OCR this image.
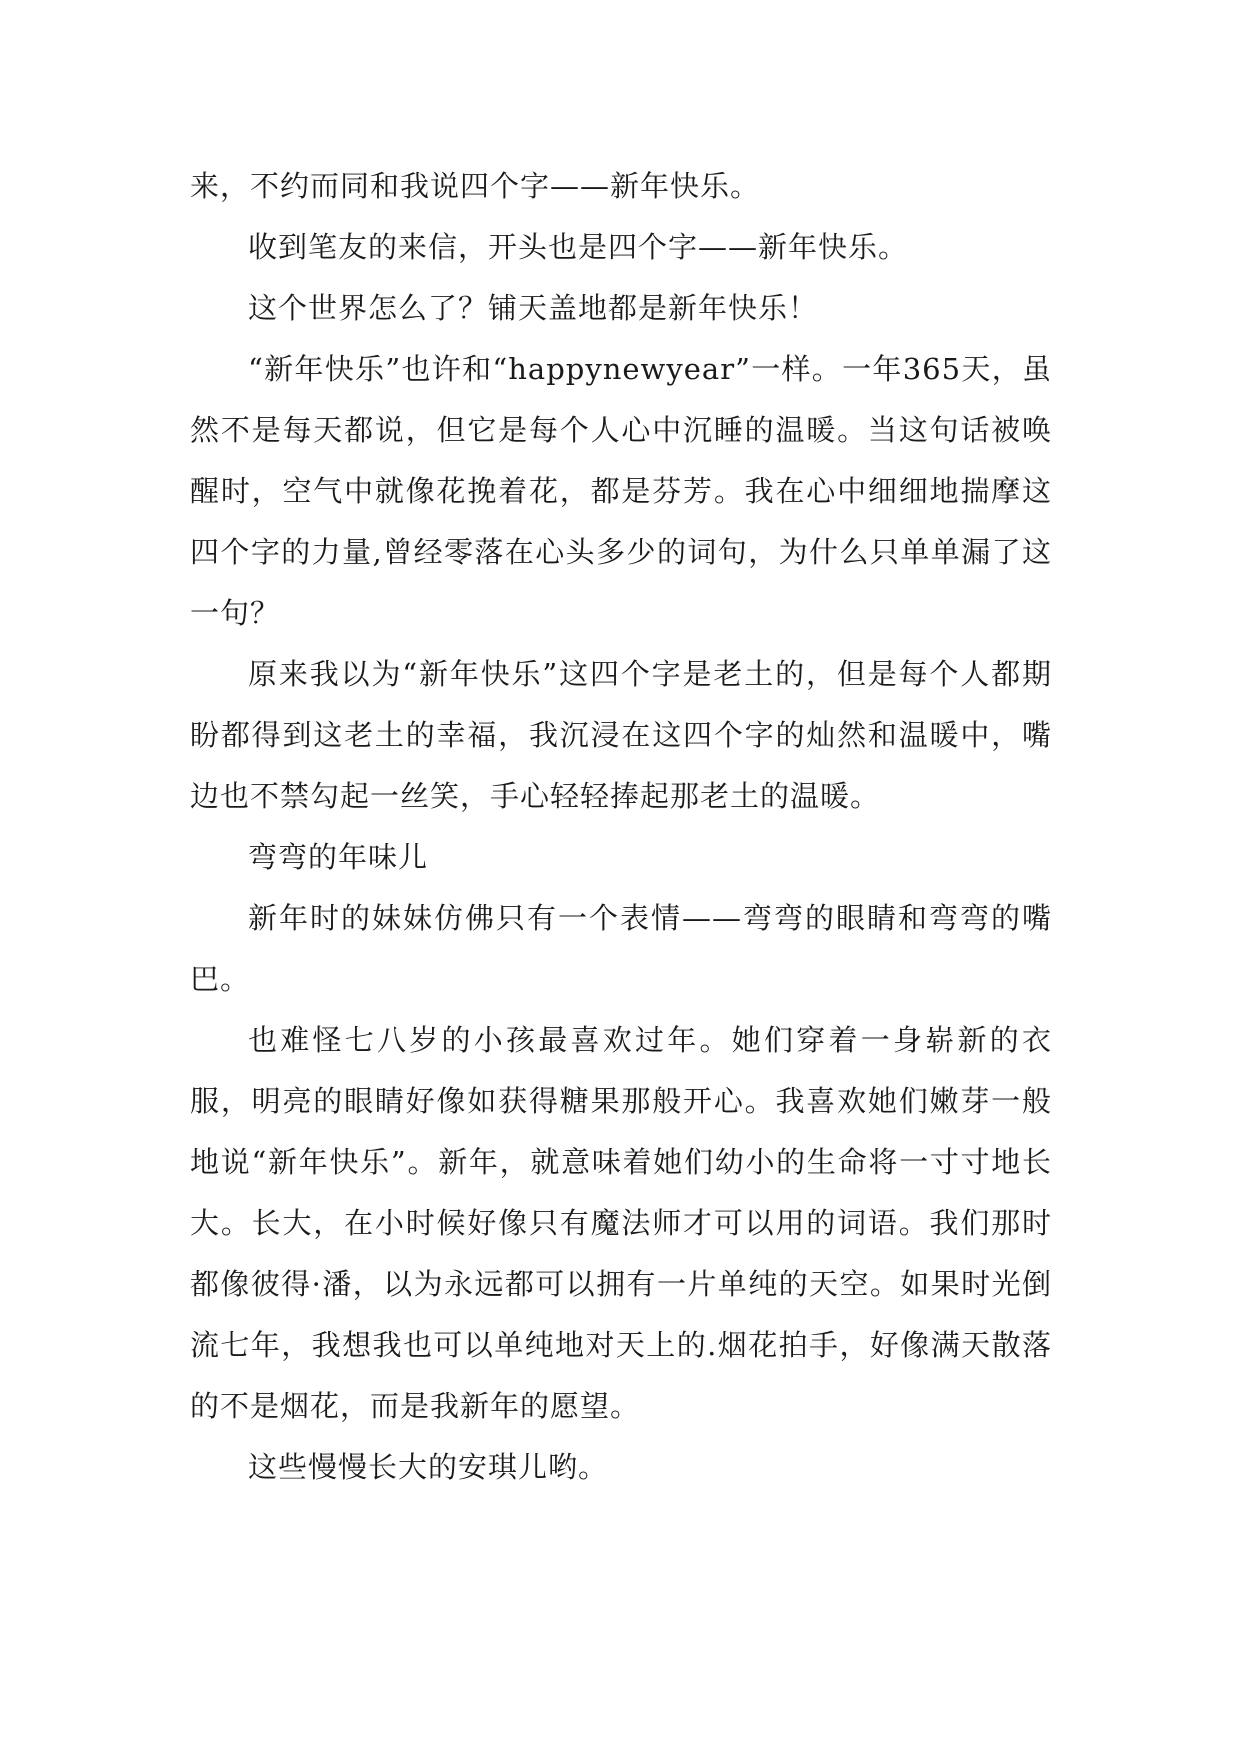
来，不约而同和我说四个字——新年快乐。

收到笔友的来信，开头也是四个字——新年快乐。

这个世界怎么了？铺天盖地都是新年快乐！

“新年快乐”也许和“happynewyear”一样。一年365天，虽然不是每天都说，但它是每个人心中沉睡的温暖。当这句话被唤醒时，空气中就像花挽着花，都是芬芳。我在心中细细地揣摩这四个字的力量,曾经零落在心头多少的词句，为什么只单单漏了这一句？

原来我以为“新年快乐”这四个字是老土的，但是每个人都期盼都得到这老土的幸福，我沉浸在这四个字的灿然和温暖中，嘴边也不禁勾起一丝笑，手心轻轻捧起那老土的温暖。

弯弯的年味儿

新年时的妹妹仿佛只有一个表情——弯弯的眼睛和弯弯的嘴巴。

也难怪七八岁的小孩最喜欢过年。她们穿着一身崭新的衣服，明亮的眼睛好像如获得糖果那般开心。我喜欢她们嫩芽一般地说“新年快乐”。新年，就意味着她们幼小的生命将一寸寸地长大。长大，在小时候好像只有魔法师才可以用的词语。我们那时都像彼得·潘，以为永远都可以拥有一片单纯的天空。如果时光倒流七年，我想我也可以单纯地对天上的.烟花拍手，好像满天散落的不是烟花，而是我新年的愿望。

这些慢慢长大的安琪儿哟。
